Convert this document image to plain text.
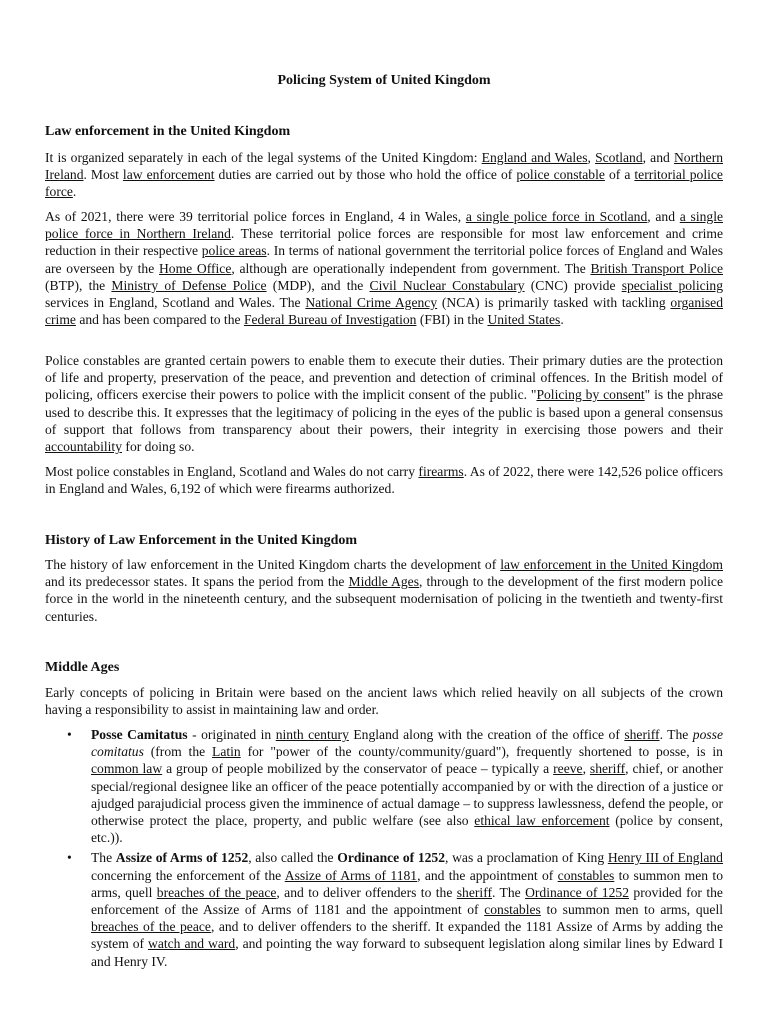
Policing System of United Kingdom
Law enforcement in the United Kingdom

It is organized separately in each of the legal systems of the United Kingdom: England and Wales, Scotland, and Northern Ireland. Most law enforcement duties are carried out by those who hold the office of police constable of a territorial police force.

As of 2021, there were 39 territorial police forces in England, 4 in Wales, a single police force in Scotland, and a single police force in Northern Ireland. These territorial police forces are responsible for most law enforcement and crime reduction in their respective police areas. In terms of national government the territorial police forces of England and Wales are overseen by the Home Office, although are operationally independent from government. The British Transport Police (BTP), the Ministry of Defense Police (MDP), and the Civil Nuclear Constabulary (CNC) provide specialist policing services in England, Scotland and Wales. The National Crime Agency (NCA) is primarily tasked with tackling organised crime and has been compared to the Federal Bureau of Investigation (FBI) in the United States.

Police constables are granted certain powers to enable them to execute their duties. Their primary duties are the protection of life and property, preservation of the peace, and prevention and detection of criminal offences. In the British model of policing, officers exercise their powers to police with the implicit consent of the public. "Policing by consent" is the phrase used to describe this. It expresses that the legitimacy of policing in the eyes of the public is based upon a general consensus of support that follows from transparency about their powers, their integrity in exercising those powers and their accountability for doing so.

Most police constables in England, Scotland and Wales do not carry firearms. As of 2022, there were 142,526 police officers in England and Wales, 6,192 of which were firearms authorized.

History of Law Enforcement in the United Kingdom

The history of law enforcement in the United Kingdom charts the development of law enforcement in the United Kingdom and its predecessor states. It spans the period from the Middle Ages, through to the development of the first modern police force in the world in the nineteenth century, and the subsequent modernisation of policing in the twentieth and twenty-first centuries.

Middle Ages

Early concepts of policing in Britain were based on the ancient laws which relied heavily on all subjects of the crown having a responsibility to assist in maintaining law and order.

• Posse Camitatus - originated in ninth century England along with the creation of the office of sheriff. The posse comitatus (from the Latin for "power of the county/community/guard"), frequently shortened to posse, is in common law a group of people mobilized by the conservator of peace – typically a reeve, sheriff, chief, or another special/regional designee like an officer of the peace potentially accompanied by or with the direction of a justice or ajudged parajudicial process given the imminence of actual damage – to suppress lawlessness, defend the people, or otherwise protect the place, property, and public welfare (see also ethical law enforcement (police by consent, etc.)).
• The Assize of Arms of 1252, also called the Ordinance of 1252, was a proclamation of King Henry III of England concerning the enforcement of the Assize of Arms of 1181, and the appointment of constables to summon men to arms, quell breaches of the peace, and to deliver offenders to the sheriff. The Ordinance of 1252 provided for the enforcement of the Assize of Arms of 1181 and the appointment of constables to summon men to arms, quell breaches of the peace, and to deliver offenders to the sheriff. It expanded the 1181 Assize of Arms by adding the system of watch and ward, and pointing the way forward to subsequent legislation along similar lines by Edward I and Henry IV.
